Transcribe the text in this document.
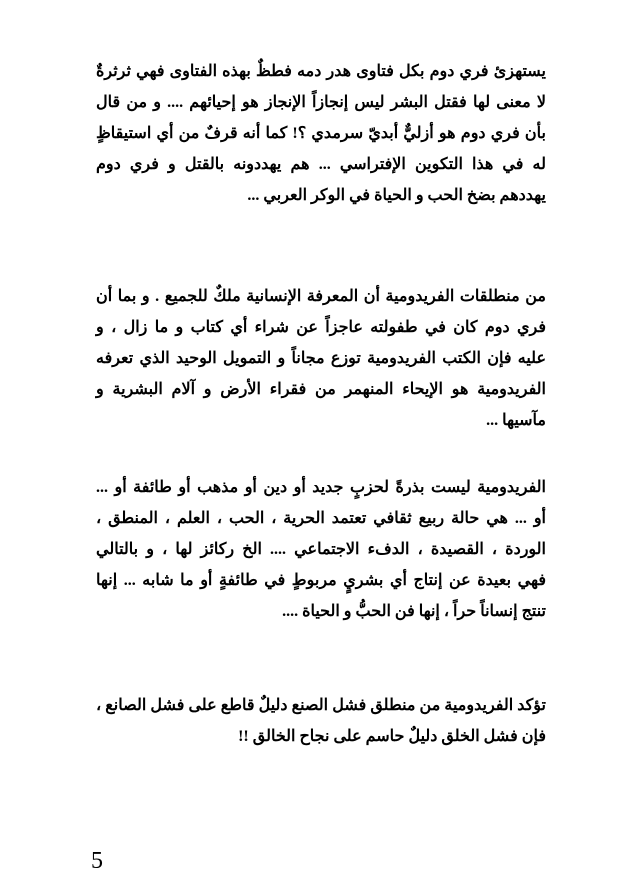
يستهزئ فري دوم بكل فتاوى هدر دمه فطظٌ بهذه الفتاوى فهي ثرثرةٌ
لا معنى لها فقتل البشر ليس إنجازاً الإنجاز هو إحيائهم .... و من قال
بأن فري دوم هو أزليٌّ أبديّ سرمدي ؟! كما أنه قرفٌ من أي استيقاظٍ
له في هذا التكوين الإفتراسي ... هم يهددونه بالقتل و فري دوم
يهددهم بضخ الحب و الحياة في الوكر العربي ...
من منطلقات الفريدومية أن المعرفة الإنسانية ملكٌ للجميع . و بما أن
فري دوم كان في طفولته عاجزاً عن شراء أي كتاب و ما زال ، و
عليه فإن الكتب الفريدومية توزع مجاناً و التمويل الوحيد الذي تعرفه
الفريدومية هو الإيحاء المنهمر من فقراء الأرض و آلام البشرية و
مآسيها ...
الفريدومية ليست بذرةً لحزبٍ جديد أو دين أو مذهب أو طائفة أو ...
أو ... هي حالة ربيع ثقافي تعتمد الحرية ، الحب ، العلم ، المنطق ،
الوردة ، القصيدة ، الدفء الاجتماعي .... الخ ركائز لها ، و بالتالي
فهي بعيدة عن إنتاج أي بشريٍ مربوطٍ في طائفةٍ أو ما شابه ... إنها
تنتج إنساناً حراً ، إنها فن الحبُّ و الحياة ....
تؤكد الفريدومية من منطلق فشل الصنع دليلٌ قاطع على فشل الصانع ،
فإن فشل الخلق دليلٌ حاسم على نجاح الخالق !!
5
